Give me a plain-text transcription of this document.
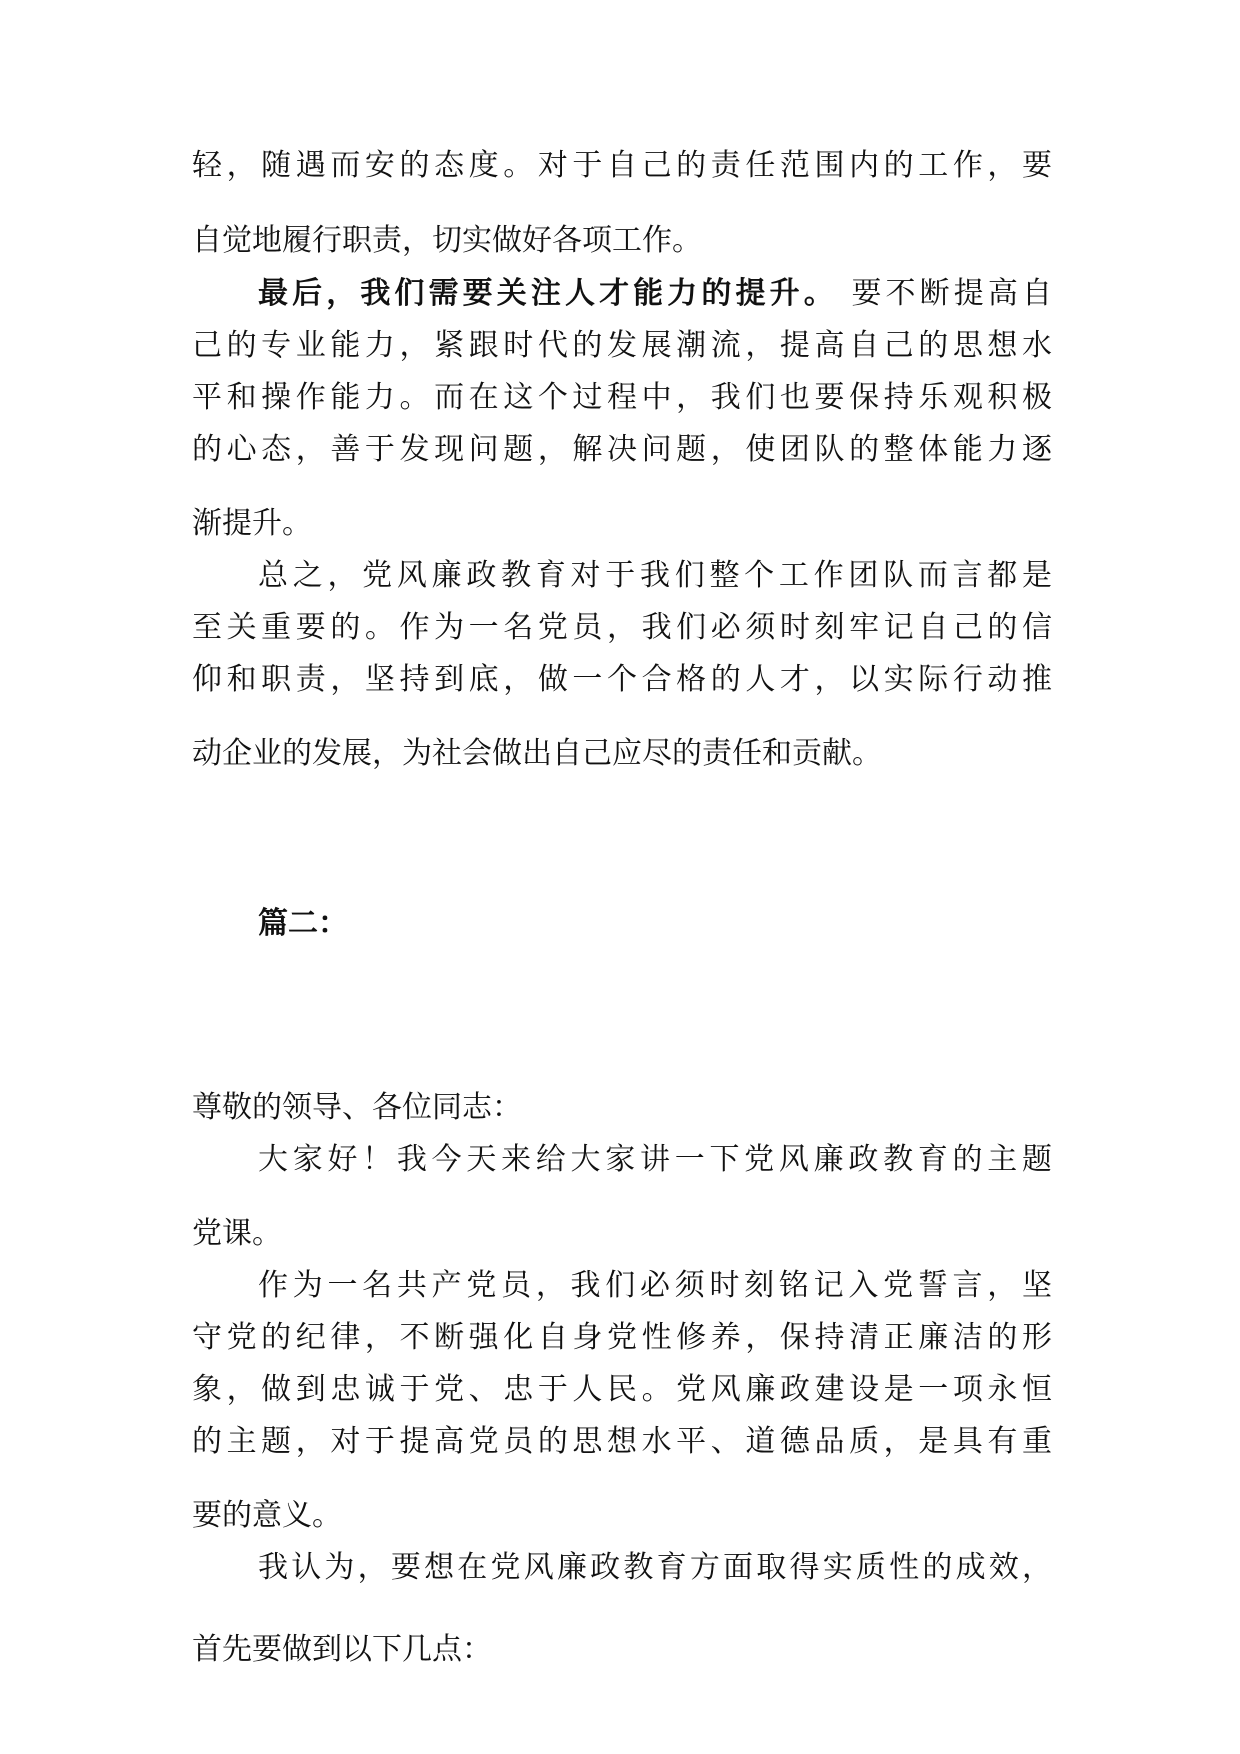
轻，随遇而安的态度。对于自己的责任范围内的工作，要
自觉地履行职责，切实做好各项工作。
最后，我们需要关注人才能力的提升。 要不断提高自
己的专业能力，紧跟时代的发展潮流，提高自己的思想水
平和操作能力。而在这个过程中，我们也要保持乐观积极
的心态，善于发现问题，解决问题，使团队的整体能力逐
渐提升。
总之，党风廉政教育对于我们整个工作团队而言都是
至关重要的。作为一名党员，我们必须时刻牢记自己的信
仰和职责，坚持到底，做一个合格的人才，以实际行动推
动企业的发展，为社会做出自己应尽的责任和贡献。
篇二：
尊敬的领导、各位同志：
大家好！我今天来给大家讲一下党风廉政教育的主题
党课。
作为一名共产党员，我们必须时刻铭记入党誓言，坚
守党的纪律，不断强化自身党性修养，保持清正廉洁的形
象，做到忠诚于党、忠于人民。党风廉政建设是一项永恒
的主题，对于提高党员的思想水平、道德品质，是具有重
要的意义。
我认为，要想在党风廉政教育方面取得实质性的成效，
首先要做到以下几点：
